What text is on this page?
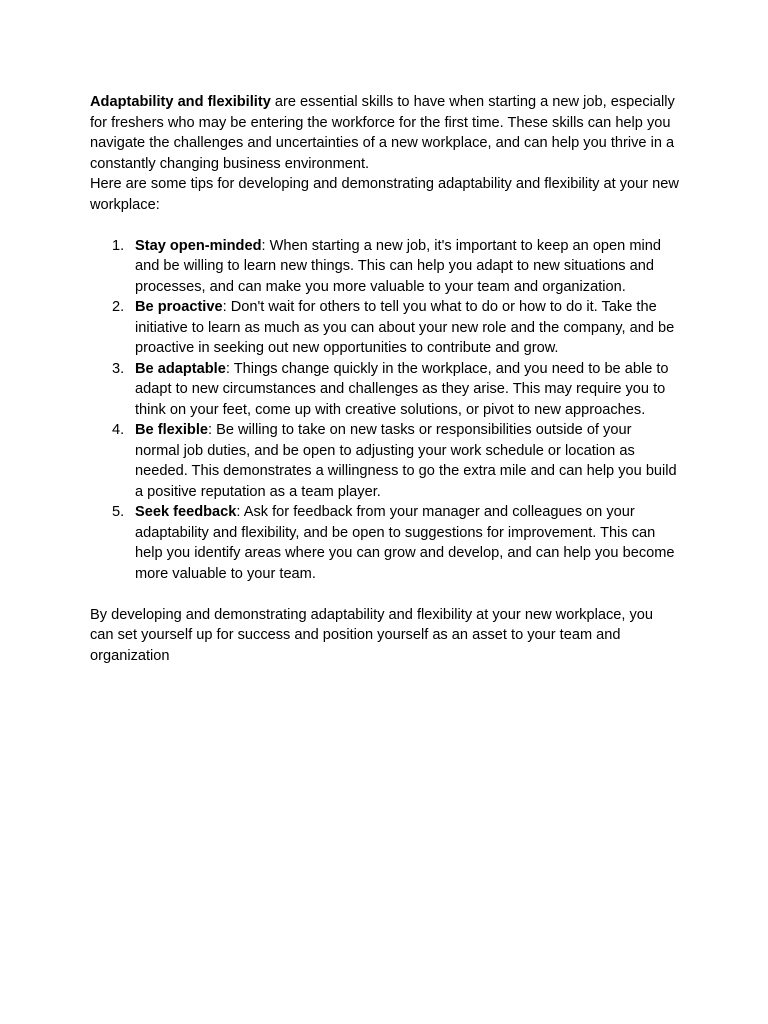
Adaptability and flexibility are essential skills to have when starting a new job, especially for freshers who may be entering the workforce for the first time. These skills can help you navigate the challenges and uncertainties of a new workplace, and can help you thrive in a constantly changing business environment.

Here are some tips for developing and demonstrating adaptability and flexibility at your new workplace:

1. Stay open-minded: When starting a new job, it's important to keep an open mind and be willing to learn new things. This can help you adapt to new situations and processes, and can make you more valuable to your team and organization.
2. Be proactive: Don't wait for others to tell you what to do or how to do it. Take the initiative to learn as much as you can about your new role and the company, and be proactive in seeking out new opportunities to contribute and grow.
3. Be adaptable: Things change quickly in the workplace, and you need to be able to adapt to new circumstances and challenges as they arise. This may require you to think on your feet, come up with creative solutions, or pivot to new approaches.
4. Be flexible: Be willing to take on new tasks or responsibilities outside of your normal job duties, and be open to adjusting your work schedule or location as needed. This demonstrates a willingness to go the extra mile and can help you build a positive reputation as a team player.
5. Seek feedback: Ask for feedback from your manager and colleagues on your adaptability and flexibility, and be open to suggestions for improvement. This can help you identify areas where you can grow and develop, and can help you become more valuable to your team.

By developing and demonstrating adaptability and flexibility at your new workplace, you can set yourself up for success and position yourself as an asset to your team and organization
